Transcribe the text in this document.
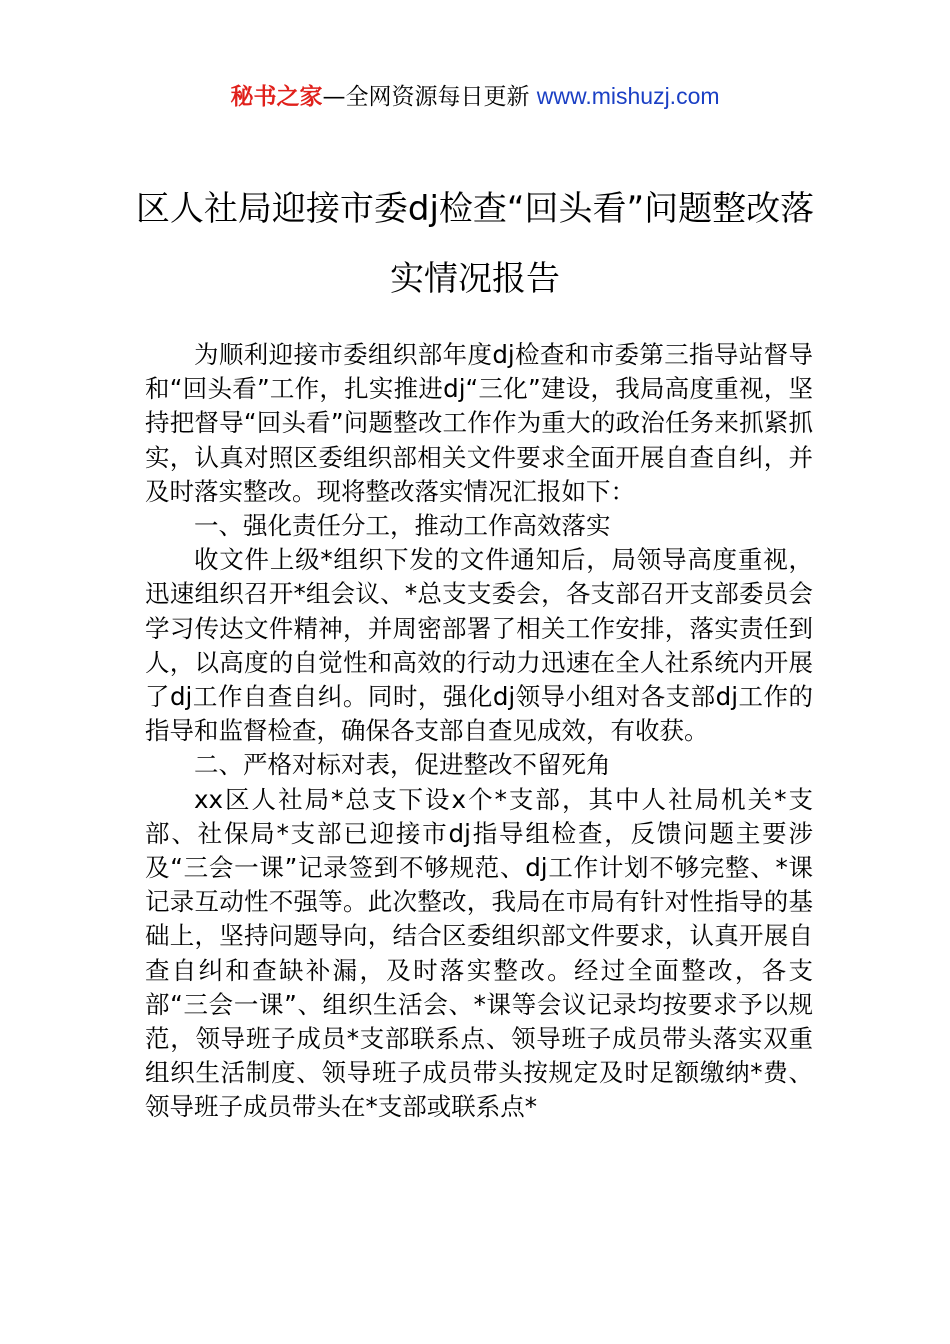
秘书之家—全网资源每日更新 www.mishuzj.com
区人社局迎接市委dj检查“回头看”问题整改落实情况报告

为顺利迎接市委组织部年度dj检查和市委第三指导站督导和“回头看”工作，扎实推进dj“三化”建设，我局高度重视，坚持把督导“回头看”问题整改工作作为重大的政治任务来抓紧抓实，认真对照区委组织部相关文件要求全面开展自查自纠，并及时落实整改。现将整改落实情况汇报如下：

一、强化责任分工，推动工作高效落实

收文件上级*组织下发的文件通知后，局领导高度重视，迅速组织召开*组会议、*总支支委会，各支部召开支部委员会学习传达文件精神，并周密部署了相关工作安排，落实责任到人，以高度的自觉性和高效的行动力迅速在全人社系统内开展了dj工作自查自纠。同时，强化dj领导小组对各支部dj工作的指导和监督检查，确保各支部自查见成效，有收获。

二、严格对标对表，促进整改不留死角

xx区人社局*总支下设x个*支部，其中人社局机关*支部、社保局*支部已迎接市dj指导组检查，反馈问题主要涉及“三会一课”记录签到不够规范、dj工作计划不够完整、*课记录互动性不强等。此次整改，我局在市局有针对性指导的基础上，坚持问题导向，结合区委组织部文件要求，认真开展自查自纠和查缺补漏，及时落实整改。经过全面整改，各支部“三会一课”、组织生活会、*课等会议记录均按要求予以规范，领导班子成员*支部联系点、领导班子成员带头落实双重组织生活制度、领导班子成员带头按规定及时足额缴纳*费、领导班子成员带头在*支部或联系点*
